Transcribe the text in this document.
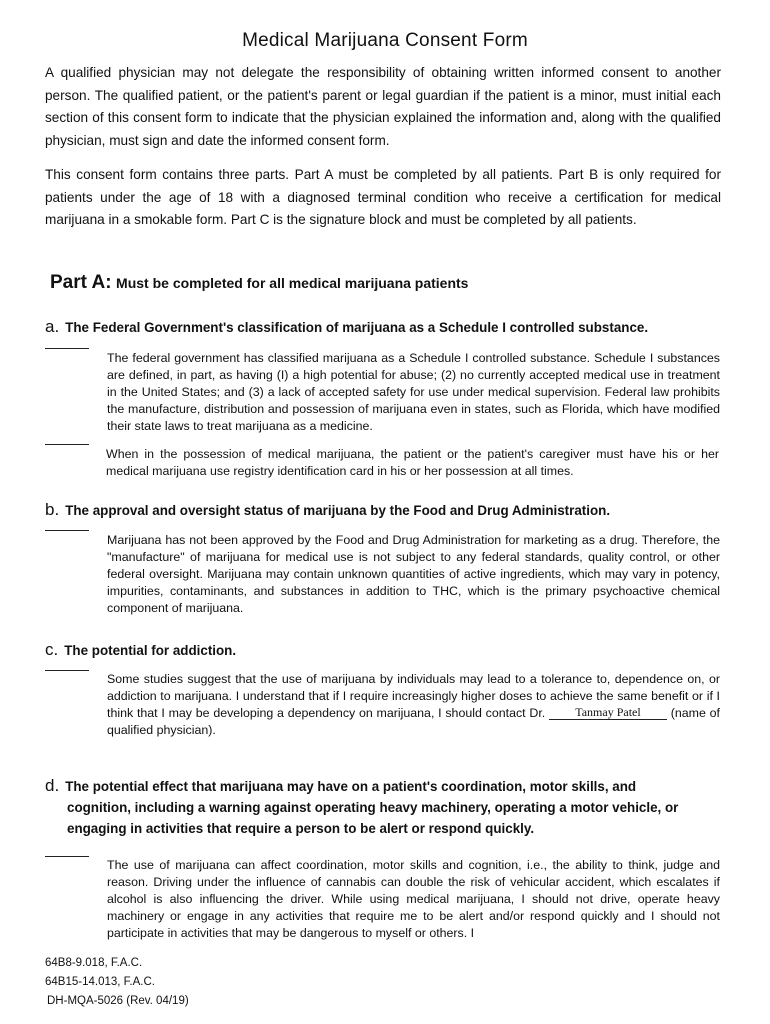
Medical Marijuana Consent Form
A qualified physician may not delegate the responsibility of obtaining written informed consent to another person. The qualified patient, or the patient's parent or legal guardian if the patient is a minor, must initial each section of this consent form to indicate that the physician explained the information and, along with the qualified physician, must sign and date the informed consent form.
This consent form contains three parts. Part A must be completed by all patients. Part B is only required for patients under the age of 18 with a diagnosed terminal condition who receive a certification for medical marijuana in a smokable form. Part C is the signature block and must be completed by all patients.
Part A: Must be completed for all medical marijuana patients
a. The Federal Government's classification of marijuana as a Schedule I controlled substance.
The federal government has classified marijuana as a Schedule I controlled substance. Schedule I substances are defined, in part, as having (I) a high potential for abuse; (2) no currently accepted medical use in treatment in the United States; and (3) a lack of accepted safety for use under medical supervision. Federal law prohibits the manufacture, distribution and possession of marijuana even in states, such as Florida, which have modified their state laws to treat marijuana as a medicine.
When in the possession of medical marijuana, the patient or the patient's caregiver must have his or her medical marijuana use registry identification card in his or her possession at all times.
b. The approval and oversight status of marijuana by the Food and Drug Administration.
Marijuana has not been approved by the Food and Drug Administration for marketing as a drug. Therefore, the "manufacture" of marijuana for medical use is not subject to any federal standards, quality control, or other federal oversight. Marijuana may contain unknown quantities of active ingredients, which may vary in potency, impurities, contaminants, and substances in addition to THC, which is the primary psychoactive chemical component of marijuana.
c. The potential for addiction.
Some studies suggest that the use of marijuana by individuals may lead to a tolerance to, dependence on, or addiction to marijuana. I understand that if I require increasingly higher doses to achieve the same benefit or if I think that I may be developing a dependency on marijuana, I should contact Dr.	Tanmay Patel (name of qualified physician).
d. The potential effect that marijuana may have on a patient's coordination, motor skills, and
cognition, including a warning against operating heavy machinery, operating a motor vehicle, or engaging in activities that require a person to be alert or respond quickly.
The use of marijuana can affect coordination, motor skills and cognition, i.e., the ability to think, judge and reason. Driving under the influence of cannabis can double the risk of vehicular accident, which escalates if alcohol is also influencing the driver. While using medical marijuana, I should not drive, operate heavy machinery or engage in any activities that require me to be alert and/or respond quickly and I should not participate in activities that may be dangerous to myself or others. I
64B8-9.018, F.A.C.
64B15-14.013, F.A.C.
DH-MQA-5026 (Rev. 04/19)
